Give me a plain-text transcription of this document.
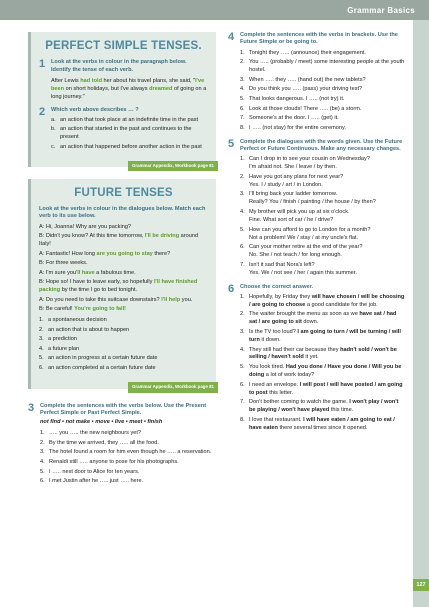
Grammar Basics
127
PERFECT SIMPLE TENSES.
1 Look at the verbs in colour in the paragraph below. Identify the tense of each verb.
After Lewis had told her about his travel plans, she said, "I've been on short holidays, but I've always dreamed of going on a long journey."
2 Which verb above describes … ?
a. an action that took place at an indefinite time in the past
b. an action that started in the past and continues to the present
c. an action that happened before another action in the past
Grammar Appendix, Workbook page 81
FUTURE TENSES
Look at the verbs in colour in the dialogues below. Match each verb to its use below.

A: Hi, Joanna! Why are you packing?

B: Didn't you know? At this time tomorrow, I'll be driving around Italy!

A: Fantastic! How long are you going to stay there?

B: For three weeks.

A: I'm sure you'll have a fabulous time.

B: Hope so! I have to leave early, so hopefully I'll have finished packing by the time I go to bed tonight.

A: Do you need to take this suitcase downstairs? I'll help you.

B: Be careful! You're going to fall!

1. a spontaneous decision
2. an action that is about to happen
3. a prediction
4. a future plan
5. an action in progress at a certain future date
6. an action completed at a certain future date
Grammar Appendix, Workbook page 81
3 Complete the sentences with the verbs below. Use the Present Perfect Simple or Past Perfect Simple.
not find • not make • move • live • meet • finish
1. ….. you ….. the new neighbours yet?
2. By the time we arrived, they ….. all the food.
3. The hotel found a room for him even though he ….. a reservation.
4. Renaldi still ….. anyone to pose for his photographs.
5. I ….. next door to Alice for ten years.
6. I met Justin after he ….. just ….. here.
4 Complete the sentences with the verbs in brackets. Use the Future Simple or be going to.
1. Tonight they ….. (announce) their engagement.
2. You ….. (probably / meet) some interesting people at the youth hostel.
3. When ….. they ….. (hand out) the new tablets?
4. Do you think you ….. (pass) your driving test?
5. That looks dangerous. I ….. (not try) it.
6. Look at those clouds! There ….. (be) a storm.
7. Someone's at the door. I ….. (get) it.
8. I ….. (not stay) for the entire ceremony.
5 Complete the dialogues with the words given. Use the Future Perfect or Future Continuous. Make any necessary changes.
1. Can I drop in to see your cousin on Wednesday?
I'm afraid not. She / leave / by then.
2. Have you got any plans for next year?
Yes. I / study / art / in London.
3. I'll bring back your ladder tomorrow.
Really? You / finish / painting / the house / by then?
4. My brother will pick you up at six o'clock.
Fine. What sort of car / he / drive?
5. How can you afford to go to London for a month?
Not a problem! We / stay / at my uncle's flat.
6. Can your mother retire at the end of the year?
No. She / not teach / for long enough.
7. Isn't it sad that Nora's left?
Yes. We / not see / her / again this summer.
6 Choose the correct answer.
1. Hopefully, by Friday they will have chosen / will be choosing / are going to choose a good candidate for the job.
2. The waiter brought the menu as soon as we have sat / had sat / are going to sit down.
3. Is the TV too loud? I am going to turn / will be turning / will turn it down.
4. They still had their car because they hadn't sold / won't be selling / haven't sold it yet.
5. You look tired. Had you done / Have you done / Will you be doing a lot of work today?
6. I need an envelope. I will post / will have posted / am going to post this letter.
7. Don't bother coming to watch the game. I won't play / won't be playing / won't have played this time.
8. I love that restaurant. I will have eaten / am going to eat / have eaten there several times since it opened.
